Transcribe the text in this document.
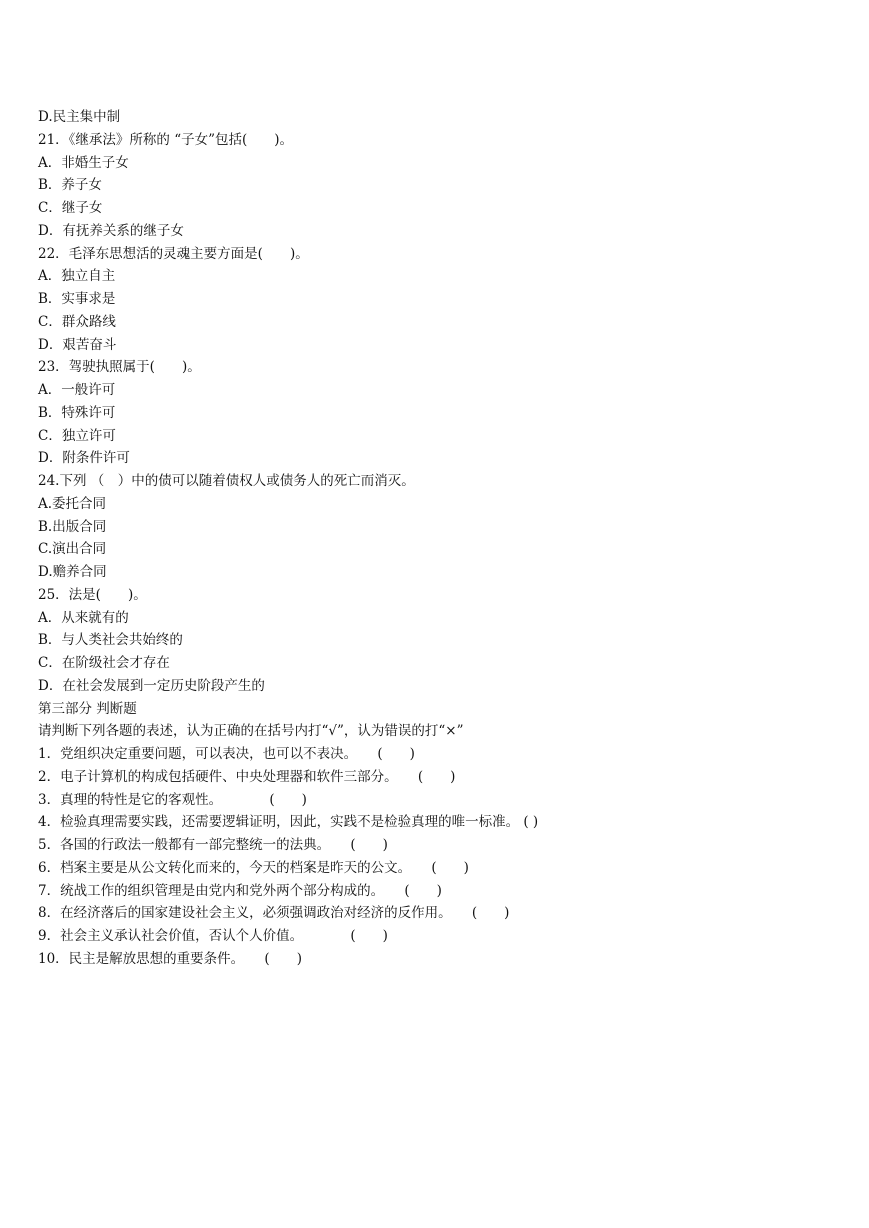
D.民主集中制

21．《继承法》所称的 “子女”包括(　　)。

A．非婚生子女

B．养子女

C．继子女

D．有抚养关系的继子女

22．毛泽东思想活的灵魂主要方面是(　　)。

A．独立自主

B．实事求是

C．群众路线

D．艰苦奋斗

23．驾驶执照属于(　　)。

A．一般许可

B．特殊许可

C．独立许可

D．附条件许可

24.下列 （　）中的债可以随着债权人或债务人的死亡而消灭。

A.委托合同

B.出版合同

C.演出合同

D.赡养合同

25．法是(　　)。

A．从来就有的

B．与人类社会共始终的

C．在阶级社会才存在

D．在社会发展到一定历史阶段产生的

第三部分 判断题

请判断下列各题的表述，认为正确的在括号内打“√”，认为错误的打“×”

1．党组织决定重要问题，可以表决，也可以不表决。　　(　　)

2．电子计算机的构成包括硬件、中央处理器和软件三部分。　　(　　)

3．真理的特性是它的客观性。　　　　(　　)

4．检验真理需要实践，还需要逻辑证明，因此，实践不是检验真理的唯一标准。 ( )

5．各国的行政法一般都有一部完整统一的法典。　　(　　)

6．档案主要是从公文转化而来的，今天的档案是昨天的公文。　　(　　)

7．统战工作的组织管理是由党内和党外两个部分构成的。　　(　　)

8．在经济落后的国家建设社会主义，必须强调政治对经济的反作用。　　(　　)

9．社会主义承认社会价值，否认个人价值。　　　　(　　)

10．民主是解放思想的重要条件。　　(　　)
